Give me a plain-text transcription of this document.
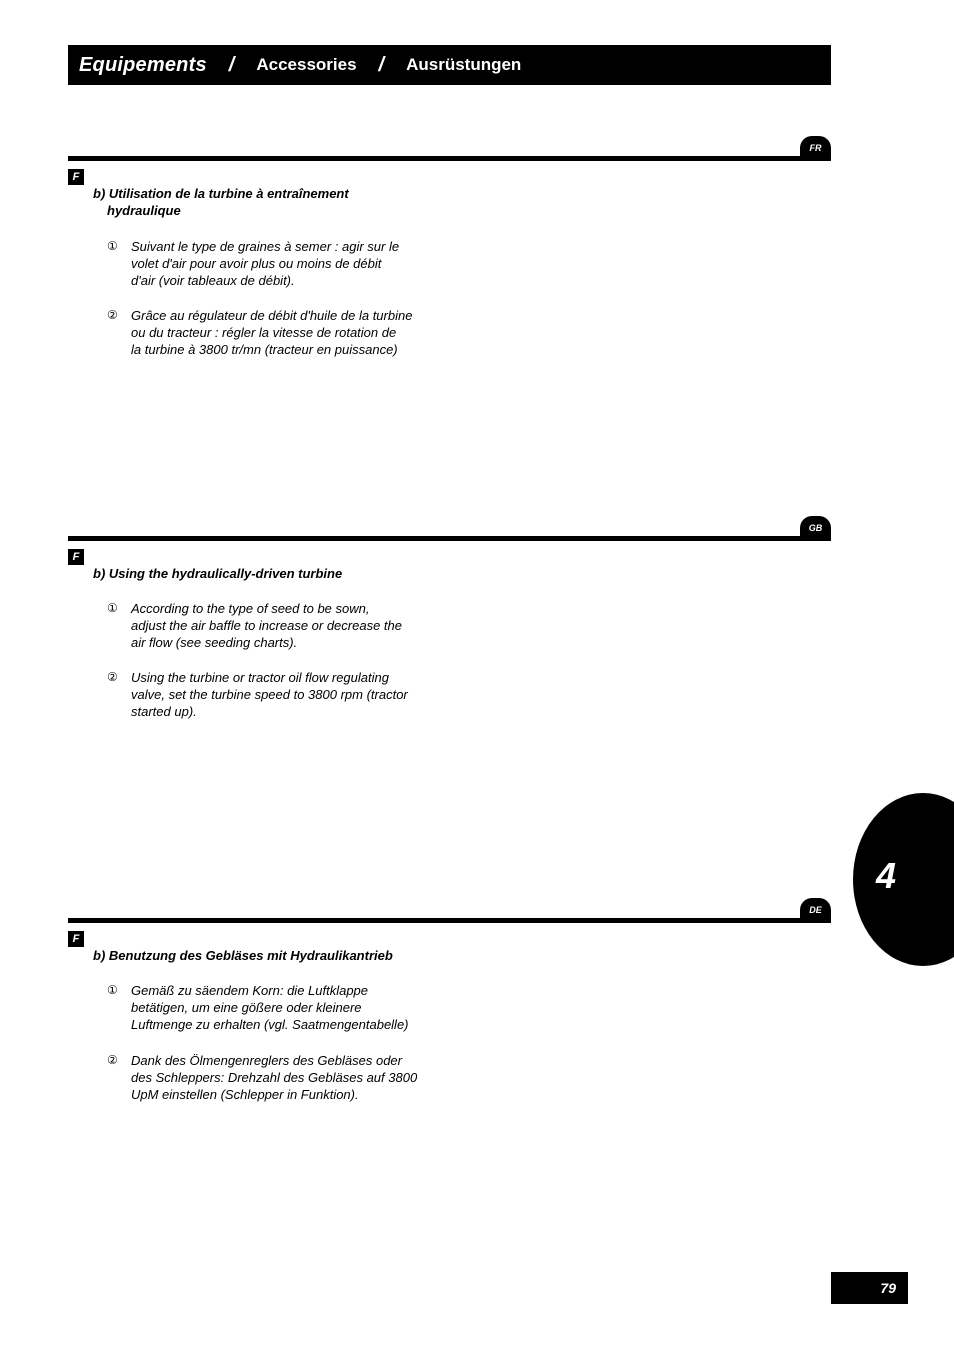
Equipements / Accessories / Ausrüstungen
FR
F
b) Utilisation de la turbine à entraînement
hydraulique
① Suivant le type de graines à semer : agir sur le
volet d'air pour avoir plus ou moins de débit
d'air (voir tableaux de débit).
② Grâce au régulateur de débit d'huile de la turbine
ou du tracteur : régler la vitesse de rotation de
la turbine à 3800 tr/mn (tracteur en puissance)
GB
F
b) Using the hydraulically-driven turbine
① According to the type of seed to be sown,
adjust the air baffle to increase or decrease the
air flow (see seeding charts).
② Using the turbine or tractor oil flow regulating
valve, set the turbine speed to 3800 rpm (tractor
started up).
4
DE
F
b) Benutzung des Gebläses mit Hydraulikantrieb
① Gemäß zu säendem Korn: die Luftklappe
betätigen, um eine gößere oder kleinere
Luftmenge zu erhalten (vgl. Saatmengentabelle)
② Dank des Ölmengenreglers des Gebläses oder
des Schleppers: Drehzahl des Gebläses auf 3800
UpM einstellen (Schlepper in Funktion).
79
